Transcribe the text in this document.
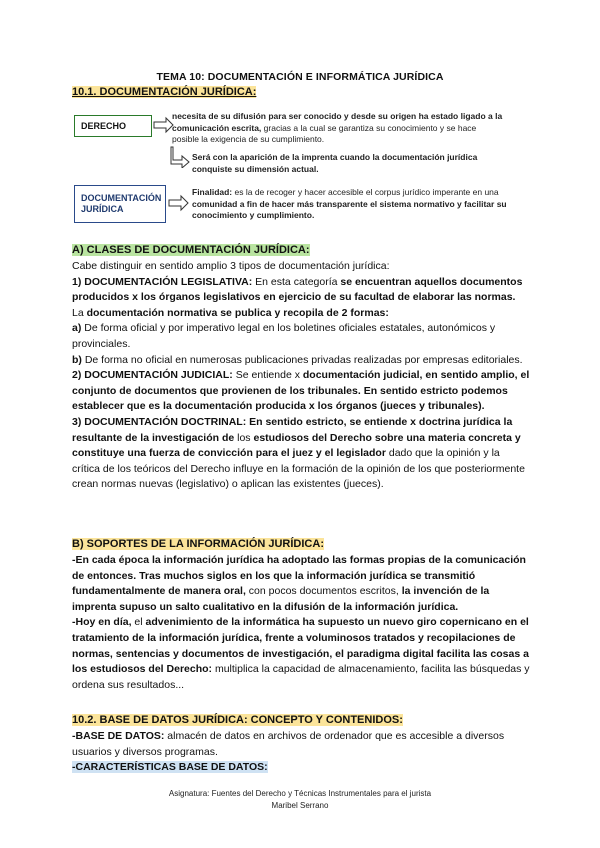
TEMA 10: DOCUMENTACIÓN E INFORMÁTICA JURÍDICA
10.1. DOCUMENTACIÓN JURÍDICA:
DERECHO
necesita de su difusión para ser conocido y desde su origen ha estado ligado a la
comunicación escrita, gracias a la cual se garantiza su conocimiento y se hace
posible la exigencia de su cumplimiento.
Será con la aparición de la imprenta cuando la documentación jurídica
conquiste su dimensión actual.
DOCUMENTACIÓN
JURÍDICA
Finalidad: es la de recoger y hacer accesible el corpus jurídico imperante en una
comunidad a fin de hacer más transparente el sistema normativo y facilitar su
conocimiento y cumplimiento.
A) CLASES DE DOCUMENTACIÓN JURÍDICA:

Cabe distinguir en sentido amplio 3 tipos de documentación jurídica:

1) DOCUMENTACIÓN LEGISLATIVA: En esta categoría se encuentran aquellos documentos producidos x los órganos legislativos en ejercicio de su facultad de elaborar las normas.

La documentación normativa se publica y recopila de 2 formas:

a) De forma oficial y por imperativo legal en los boletines oficiales estatales, autonómicos y provinciales.

b) De forma no oficial en numerosas publicaciones privadas realizadas por empresas editoriales.

2) DOCUMENTACIÓN JUDICIAL: Se entiende x documentación judicial, en sentido amplio, el conjunto de documentos que provienen de los tribunales. En sentido estricto podemos establecer que es la documentación producida x los órganos (jueces y tribunales).

3) DOCUMENTACIÓN DOCTRINAL: En sentido estricto, se entiende x doctrina jurídica la resultante de la investigación de los estudiosos del Derecho sobre una materia concreta y constituye una fuerza de convicción para el juez y el legislador dado que la opinión y la crítica de los teóricos del Derecho influye en la formación de la opinión de los que posteriormente crean normas nuevas (legislativo) o aplican las existentes (jueces).

B) SOPORTES DE LA INFORMACIÓN JURÍDICA:

-En cada época la información jurídica ha adoptado las formas propias de la comunicación de entonces. Tras muchos siglos en los que la información jurídica se transmitió fundamentalmente de manera oral, con pocos documentos escritos, la invención de la imprenta supuso un salto cualitativo en la difusión de la información jurídica.

-Hoy en día, el advenimiento de la informática ha supuesto un nuevo giro copernicano en el tratamiento de la información jurídica, frente a voluminosos tratados y recopilaciones de normas, sentencias y documentos de investigación, el paradigma digital facilita las cosas a los estudiosos del Derecho: multiplica la capacidad de almacenamiento, facilita las búsquedas y ordena sus resultados...

10.2. BASE DE DATOS JURÍDICA: CONCEPTO Y CONTENIDOS:

-BASE DE DATOS: almacén de datos en archivos de ordenador que es accesible a diversos usuarios y diversos programas.

-CARACTERÍSTICAS BASE DE DATOS:

Asignatura: Fuentes del Derecho y Técnicas Instrumentales para el jurista
Maribel Serrano
